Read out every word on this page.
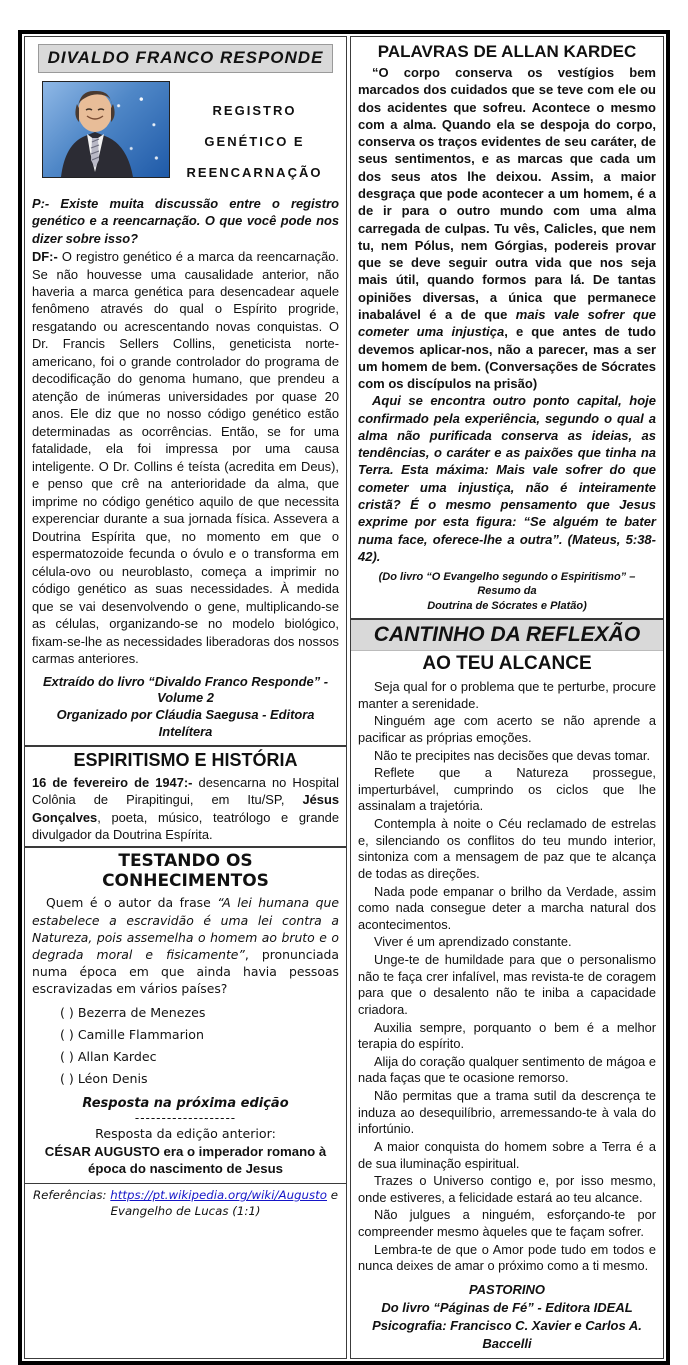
DIVALDO FRANCO RESPONDE
REGISTRO
GENÉTICO E
REENCARNAÇÃO
P:- Existe muita discussão entre o registro genético e a reencarnação. O que você pode nos dizer sobre isso?
DF:- O registro genético é a marca da reencarnação. Se não houvesse uma causalidade anterior, não haveria a marca genética para desencadear aquele fenômeno através do qual o Espírito progride, resgatando ou acrescentando novas conquistas. O Dr. Francis Sellers Collins, geneticista norte-americano, foi o grande controlador do programa de decodificação do genoma humano, que prendeu a atenção de inúmeras universidades por quase 20 anos. Ele diz que no nosso código genético estão determinadas as ocorrências. Então, se for uma fatalidade, ela foi impressa por uma causa inteligente. O Dr. Collins é teísta (acredita em Deus), e penso que crê na anterioridade da alma, que imprime no código genético aquilo de que necessita experenciar durante a sua jornada física. Assevera a Doutrina Espírita que, no momento em que o espermatozoide fecunda o óvulo e o transforma em célula-ovo ou neuroblasto, começa a imprimir no código genético as suas necessidades. À medida que se vai desenvolvendo o gene, multiplicando-se as células, organizando-se no modelo biológico, fixam-se-lhe as necessidades liberadoras dos nossos carmas anteriores.
Extraído do livro “Divaldo Franco Responde” - Volume 2
Organizado por Cláudia Saegusa - Editora Intelítera
ESPIRITISMO E HISTÓRIA
16 de fevereiro de 1947:- desencarna no Hospital Colônia de Pirapitingui, em Itu/SP, Jésus Gonçalves, poeta, músico, teatrólogo e grande divulgador da Doutrina Espírita.
TESTANDO OS CONHECIMENTOS
Quem é o autor da frase “A lei humana que estabelece a escravidão é uma lei contra a Natureza, pois assemelha o homem ao bruto e o degrada moral e fisicamente”, pronunciada numa época em que ainda havia pessoas escravizadas em vários países?
( ) Bezerra de Menezes
( ) Camille Flammarion
( ) Allan Kardec
( ) Léon Denis
Resposta na próxima edição
-------------------
Resposta da edição anterior:
CÉSAR AUGUSTO era o imperador romano à época do nascimento de Jesus
Referências: https://pt.wikipedia.org/wiki/Augusto e Evangelho de Lucas (1:1)
PALAVRAS DE ALLAN KARDEC

“O corpo conserva os vestígios bem marcados dos cuidados que se teve com ele ou dos acidentes que sofreu. Acontece o mesmo com a alma. Quando ela se despoja do corpo, conserva os traços evidentes de seu caráter, de seus sentimentos, e as marcas que cada um dos seus atos lhe deixou. Assim, a maior desgraça que pode acontecer a um homem, é a de ir para o outro mundo com uma alma carregada de culpas. Tu vês, Calicles, que nem tu, nem Pólus, nem Górgias, podereis provar que se deve seguir outra vida que nos seja mais útil, quando formos para lá. De tantas opiniões diversas, a única que permanece inabalável é a de que mais vale sofrer que cometer uma injustiça, e que antes de tudo devemos aplicar-nos, não a parecer, mas a ser um homem de bem. (Conversações de Sócrates com os discípulos na prisão)

Aqui se encontra outro ponto capital, hoje confirmado pela experiência, segundo o qual a alma não purificada conserva as ideias, as tendências, o caráter e as paixões que tinha na Terra. Esta máxima: Mais vale sofrer do que cometer uma injustiça, não é inteiramente cristã? É o mesmo pensamento que Jesus exprime por esta figura: “Se alguém te bater numa face, oferece-lhe a outra”. (Mateus, 5:38-42).

(Do livro “O Evangelho segundo o Espiritismo” – Resumo da
Doutrina de Sócrates e Platão)
CANTINHO DA REFLEXÃO
AO TEU ALCANCE

Seja qual for o problema que te perturbe, procure manter a serenidade.

Ninguém age com acerto se não aprende a pacificar as próprias emoções.

Não te precipites nas decisões que devas tomar.

Reflete que a Natureza prossegue, imperturbável, cumprindo os ciclos que lhe assinalam a trajetória.

Contempla à noite o Céu reclamado de estrelas e, silenciando os conflitos do teu mundo interior, sintoniza com a mensagem de paz que te alcança de todas as direções.

Nada pode empanar o brilho da Verdade, assim como nada consegue deter a marcha natural dos acontecimentos.

Viver é um aprendizado constante.

Unge-te de humildade para que o personalismo não te faça crer infalível, mas revista-te de coragem para que o desalento não te iniba a capacidade criadora.

Auxilia sempre, porquanto o bem é a melhor terapia do espírito.

Alija do coração qualquer sentimento de mágoa e nada faças que te ocasione remorso.

Não permitas que a trama sutil da descrença te induza ao desequilíbrio, arremessando-te à vala do infortúnio.

A maior conquista do homem sobre a Terra é a de sua iluminação espiritual.

Trazes o Universo contigo e, por isso mesmo, onde estiveres, a felicidade estará ao teu alcance.

Não julgues a ninguém, esforçando-te por compreender mesmo àqueles que te façam sofrer.

Lembra-te de que o Amor pode tudo em todos e nunca deixes de amar o próximo como a ti mesmo.

PASTORINO
Do livro “Páginas de Fé” - Editora IDEAL
Psicografia: Francisco C. Xavier e Carlos A. Baccelli
